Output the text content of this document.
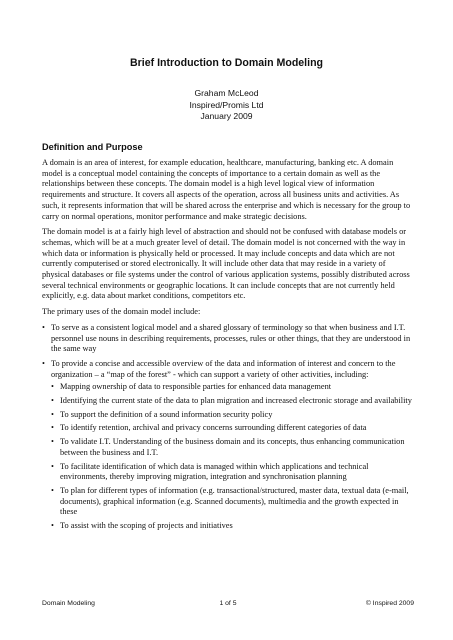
Brief Introduction to Domain Modeling
Graham McLeod
Inspired/Promis Ltd
January 2009
Definition and Purpose

A domain is an area of interest, for example education, healthcare, manufacturing, banking etc. A domain model is a conceptual model containing the concepts of importance to a certain domain as well as the relationships between these concepts. The domain model is a high level logical view of information requirements and structure. It covers all aspects of the operation, across all business units and activities. As such, it represents information that will be shared across the enterprise and which is necessary for the group to carry on normal operations, monitor performance and make strategic decisions.

The domain model is at a fairly high level of abstraction and should not be confused with database models or schemas, which will be at a much greater level of detail. The domain model is not concerned with the way in which data or information is physically held or processed. It may include concepts and data which are not currently computerised or stored electronically. It will include other data that may reside in a variety of physical databases or file systems under the control of various application systems, possibly distributed across several technical environments or geographic locations. It can include concepts that are not currently held explicitly, e.g. data about market conditions, competitors etc.

The primary uses of the domain model include:

• To serve as a consistent logical model and a shared glossary of terminology so that when business and I.T. personnel use nouns in describing requirements, processes, rules or other things, that they are understood in the same way
• To provide a concise and accessible overview of the data and information of interest and concern to the organization – a “map of the forest” - which can support a variety of other activities, including:
• Mapping ownership of data to responsible parties for enhanced data management
• Identifying the current state of the data to plan migration and increased electronic storage and availability
• To support the definition of a sound information security policy
• To identify retention, archival and privacy concerns surrounding different categories of data
• To validate I.T. Understanding of the business domain and its concepts, thus enhancing communication between the business and I.T.
• To facilitate identification of which data is managed within which applications and technical environments, thereby improving migration, integration and synchronisation planning
• To plan for different types of information (e.g. transactional/structured, master data, textual data (e-mail, documents), graphical information (e.g. Scanned documents), multimedia and the growth expected in these
• To assist with the scoping of projects and initiatives
Domain Modeling	1 of 5	© Inspired 2009
